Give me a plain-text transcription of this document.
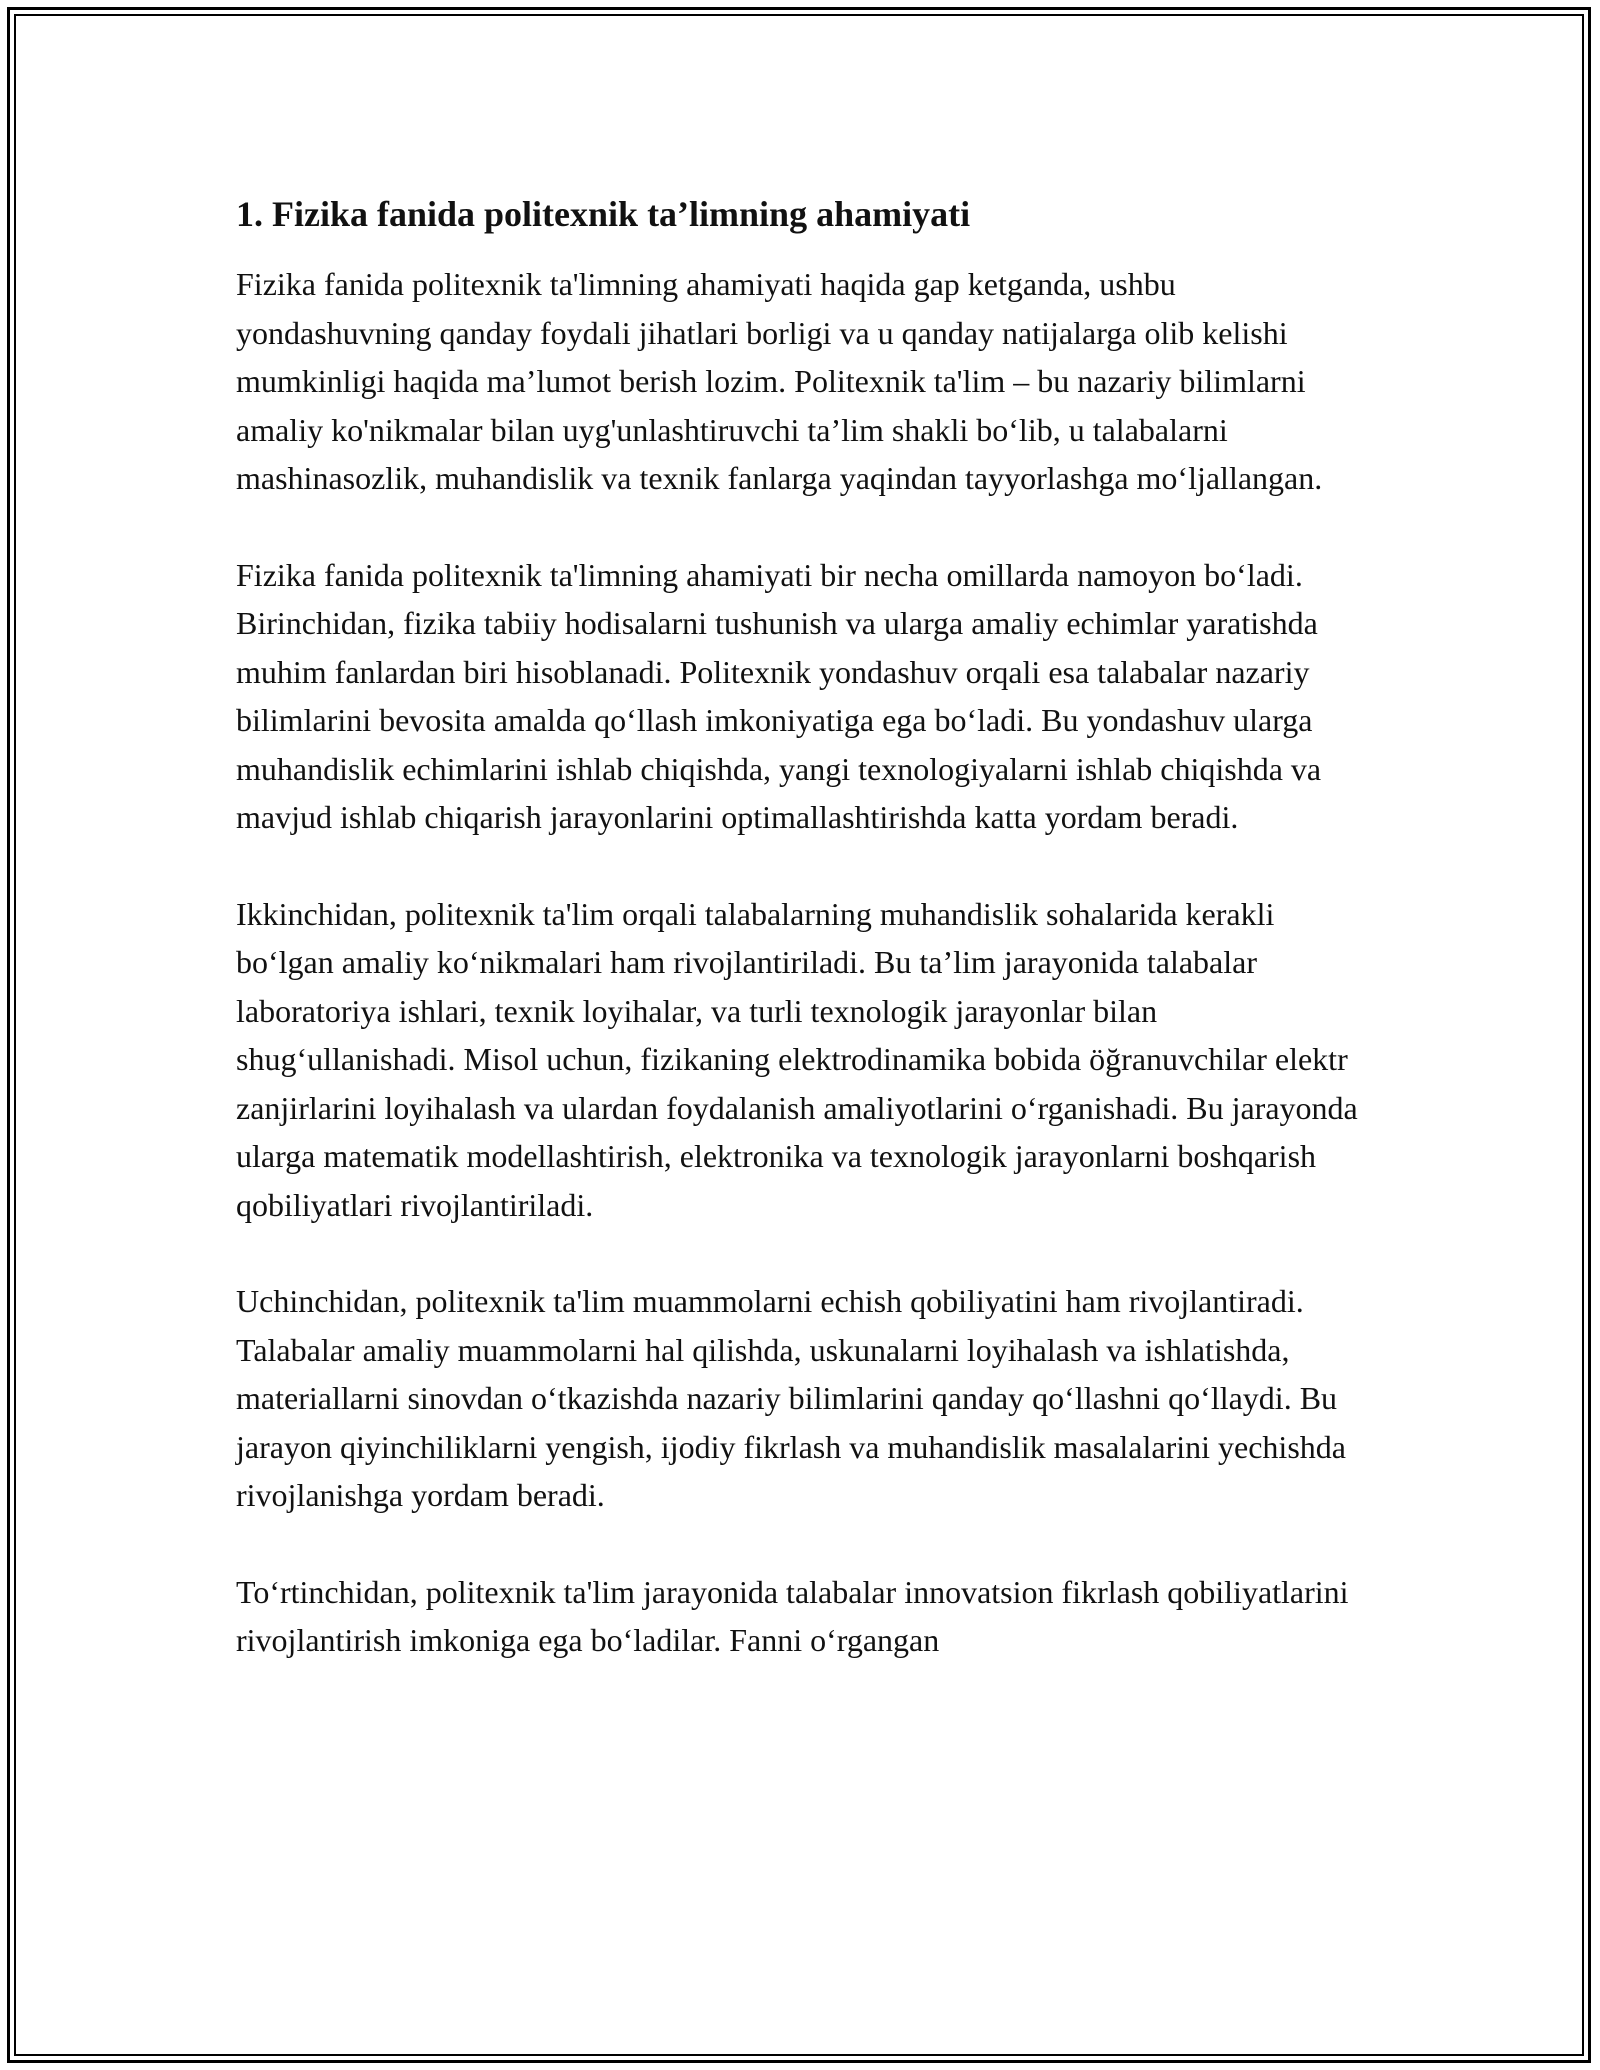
1. Fizika fanida politexnik ta’limning ahamiyati

Fizika fanida politexnik ta'limning ahamiyati haqida gap ketganda, ushbu yondashuvning qanday foydali jihatlari borligi va u qanday natijalarga olib kelishi mumkinligi haqida ma’lumot berish lozim. Politexnik ta'lim – bu nazariy bilimlarni amaliy ko'nikmalar bilan uyg'unlashtiruvchi ta’lim shakli bo‘lib, u talabalarni mashinasozlik, muhandislik va texnik fanlarga yaqindan tayyorlashga mo‘ljallangan.

Fizika fanida politexnik ta'limning ahamiyati bir necha omillarda namoyon bo‘ladi. Birinchidan, fizika tabiiy hodisalarni tushunish va ularga amaliy echimlar yaratishda muhim fanlardan biri hisoblanadi. Politexnik yondashuv orqali esa talabalar nazariy bilimlarini bevosita amalda qo‘llash imkoniyatiga ega bo‘ladi. Bu yondashuv ularga muhandislik echimlarini ishlab chiqishda, yangi texnologiyalarni ishlab chiqishda va mavjud ishlab chiqarish jarayonlarini optimallashtirishda katta yordam beradi.

Ikkinchidan, politexnik ta'lim orqali talabalarning muhandislik sohalarida kerakli bo‘lgan amaliy ko‘nikmalari ham rivojlantiriladi. Bu ta’lim jarayonida talabalar laboratoriya ishlari, texnik loyihalar, va turli texnologik jarayonlar bilan shug‘ullanishadi. Misol uchun, fizikaning elektrodinamika bobida öğranuvchilar elektr zanjirlarini loyihalash va ulardan foydalanish amaliyotlarini o‘rganishadi. Bu jarayonda ularga matematik modellashtirish, elektronika va texnologik jarayonlarni boshqarish qobiliyatlari rivojlantiriladi.

Uchinchidan, politexnik ta'lim muammolarni echish qobiliyatini ham rivojlantiradi. Talabalar amaliy muammolarni hal qilishda, uskunalarni loyihalash va ishlatishda, materiallarni sinovdan o‘tkazishda nazariy bilimlarini qanday qo‘llashni qo‘llaydi. Bu jarayon qiyinchiliklarni yengish, ijodiy fikrlash va muhandislik masalalarini yechishda rivojlanishga yordam beradi.

To‘rtinchidan, politexnik ta'lim jarayonida talabalar innovatsion fikrlash qobiliyatlarini rivojlantirish imkoniga ega bo‘ladilar. Fanni o‘rgangan
